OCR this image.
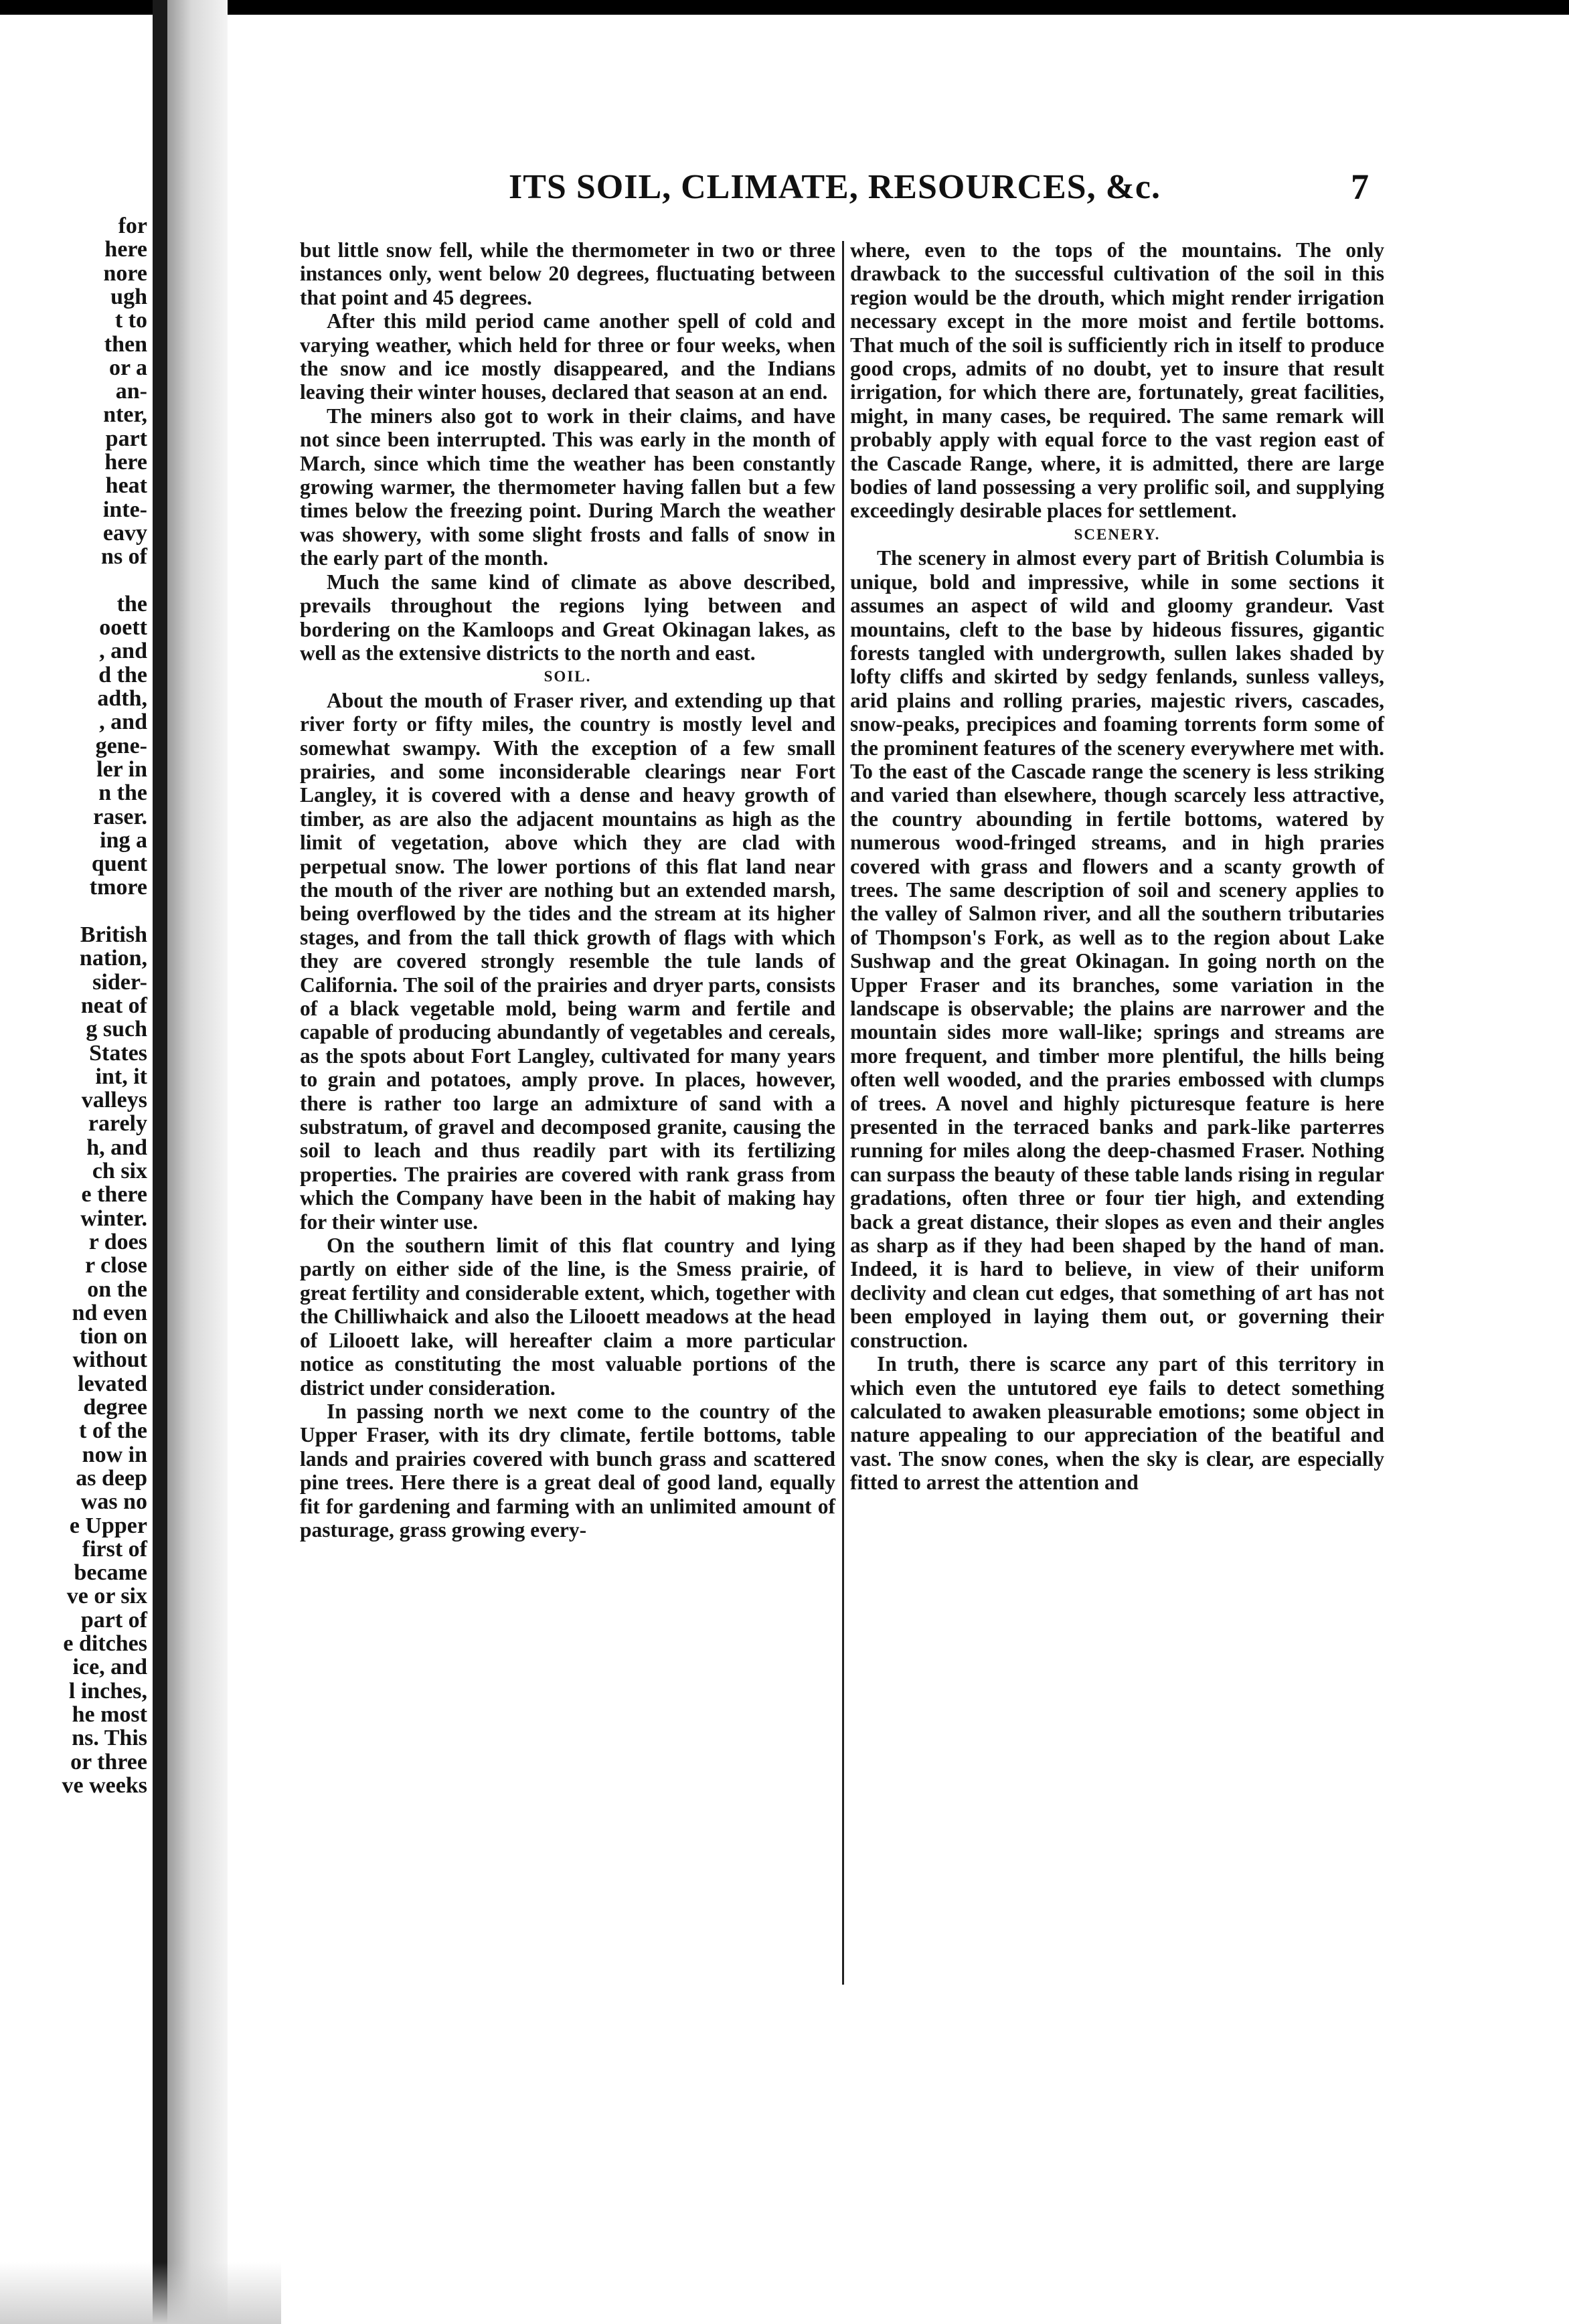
for
here
nore
ugh
t to
then
or a
an-
nter,
part
here
heat
inte-
eavy
ns of
the
ooett
, and
d the
adth,
, and
gene-
ler in
n the
raser.
ing a
quent
tmore
British
nation,
sider-
neat of
g such
States
int, it
valleys
rarely
h, and
ch six
e there
winter.
r does
r close
on the
nd even
tion on
without
levated
degree
t of the
now in
as deep
was no
e Upper
first of
became
ve or six
part of
e ditches
ice, and
l inches,
he most
ns. This
or three
ve weeks
ITS SOIL, CLIMATE, RESOURCES, &c.	7

but little snow fell, while the thermometer in two or three instances only, went below 20 degrees, fluctuating between that point and 45 degrees.

After this mild period came another spell of cold and varying weather, which held for three or four weeks, when the snow and ice mostly disappeared, and the Indians leaving their winter houses, declared that season at an end.

The miners also got to work in their claims, and have not since been interrupted. This was early in the month of March, since which time the weather has been constantly growing warmer, the thermometer having fallen but a few times below the freezing point. During March the weather was showery, with some slight frosts and falls of snow in the early part of the month.

Much the same kind of climate as above described, prevails throughout the regions lying between and bordering on the Kamloops and Great Okinagan lakes, as well as the extensive districts to the north and east.

SOIL.

About the mouth of Fraser river, and extending up that river forty or fifty miles, the country is mostly level and somewhat swampy. With the exception of a few small prairies, and some inconsiderable clearings near Fort Langley, it is covered with a dense and heavy growth of timber, as are also the adjacent mountains as high as the limit of vegetation, above which they are clad with perpetual snow. The lower portions of this flat land near the mouth of the river are nothing but an extended marsh, being overflowed by the tides and the stream at its higher stages, and from the tall thick growth of flags with which they are covered strongly resemble the tule lands of California. The soil of the prairies and dryer parts, consists of a black vegetable mold, being warm and fertile and capable of producing abundantly of vegetables and cereals, as the spots about Fort Langley, cultivated for many years to grain and potatoes, amply prove. In places, however, there is rather too large an admixture of sand with a substratum, of gravel and decomposed granite, causing the soil to leach and thus readily part with its fertilizing properties. The prairies are covered with rank grass from which the Company have been in the habit of making hay for their winter use.

On the southern limit of this flat country and lying partly on either side of the line, is the Smess prairie, of great fertility and considerable extent, which, together with the Chilliwhaick and also the Lilooett meadows at the head of Lilooett lake, will hereafter claim a more particular notice as constituting the most valuable portions of the district under consideration.

In passing north we next come to the country of the Upper Fraser, with its dry climate, fertile bottoms, table lands and prairies covered with bunch grass and scattered pine trees. Here there is a great deal of good land, equally fit for gardening and farming with an unlimited amount of pasturage, grass growing every-

where, even to the tops of the mountains. The only drawback to the successful cultivation of the soil in this region would be the drouth, which might render irrigation necessary except in the more moist and fertile bottoms. That much of the soil is sufficiently rich in itself to produce good crops, admits of no doubt, yet to insure that result irrigation, for which there are, fortunately, great facilities, might, in many cases, be required. The same remark will probably apply with equal force to the vast region east of the Cascade Range, where, it is admitted, there are large bodies of land possessing a very prolific soil, and supplying exceedingly desirable places for settlement.

SCENERY.

The scenery in almost every part of British Columbia is unique, bold and impressive, while in some sections it assumes an aspect of wild and gloomy grandeur. Vast mountains, cleft to the base by hideous fissures, gigantic forests tangled with undergrowth, sullen lakes shaded by lofty cliffs and skirted by sedgy fenlands, sunless valleys, arid plains and rolling praries, majestic rivers, cascades, snow-peaks, precipices and foaming torrents form some of the prominent features of the scenery everywhere met with. To the east of the Cascade range the scenery is less striking and varied than elsewhere, though scarcely less attractive, the country abounding in fertile bottoms, watered by numerous wood-fringed streams, and in high praries covered with grass and flowers and a scanty growth of trees. The same description of soil and scenery applies to the valley of Salmon river, and all the southern tributaries of Thompson's Fork, as well as to the region about Lake Sushwap and the great Okinagan. In going north on the Upper Fraser and its branches, some variation in the landscape is observable; the plains are narrower and the mountain sides more wall-like; springs and streams are more frequent, and timber more plentiful, the hills being often well wooded, and the praries embossed with clumps of trees. A novel and highly picturesque feature is here presented in the terraced banks and park-like parterres running for miles along the deep-chasmed Fraser. Nothing can surpass the beauty of these table lands rising in regular gradations, often three or four tier high, and extending back a great distance, their slopes as even and their angles as sharp as if they had been shaped by the hand of man. Indeed, it is hard to believe, in view of their uniform declivity and clean cut edges, that something of art has not been employed in laying them out, or governing their construction.

In truth, there is scarce any part of this territory in which even the untutored eye fails to detect something calculated to awaken pleasurable emotions; some object in nature appealing to our appreciation of the beatiful and vast. The snow cones, when the sky is clear, are especially fitted to arrest the attention and
